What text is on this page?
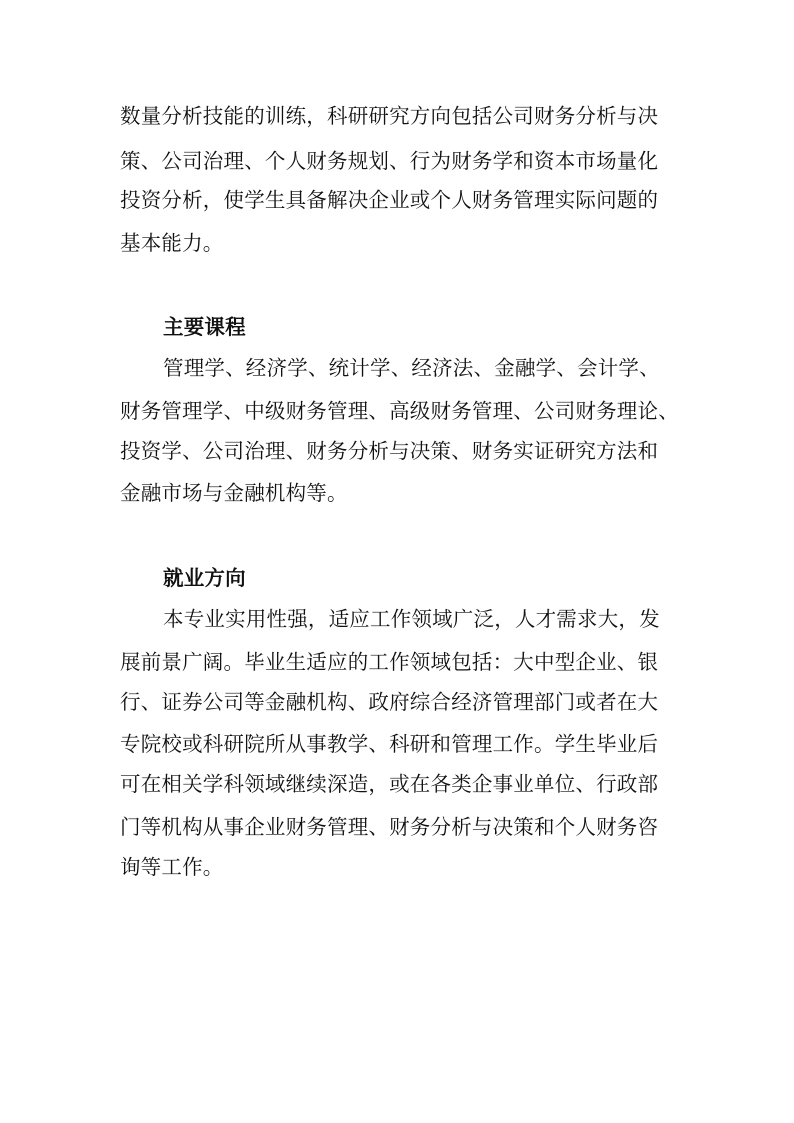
数量分析技能的训练，科研研究方向包括公司财务分析与决
策、公司治理、个人财务规划、行为财务学和资本市场量化
投资分析，使学生具备解决企业或个人财务管理实际问题的
基本能力。
主要课程
管理学、经济学、统计学、经济法、金融学、会计学、
财务管理学、中级财务管理、高级财务管理、公司财务理论、
投资学、公司治理、财务分析与决策、财务实证研究方法和
金融市场与金融机构等。
就业方向
本专业实用性强，适应工作领域广泛，人才需求大，发
展前景广阔。毕业生适应的工作领域包括：大中型企业、银
行、证券公司等金融机构、政府综合经济管理部门或者在大
专院校或科研院所从事教学、科研和管理工作。学生毕业后
可在相关学科领域继续深造，或在各类企事业单位、行政部
门等机构从事企业财务管理、财务分析与决策和个人财务咨
询等工作。
